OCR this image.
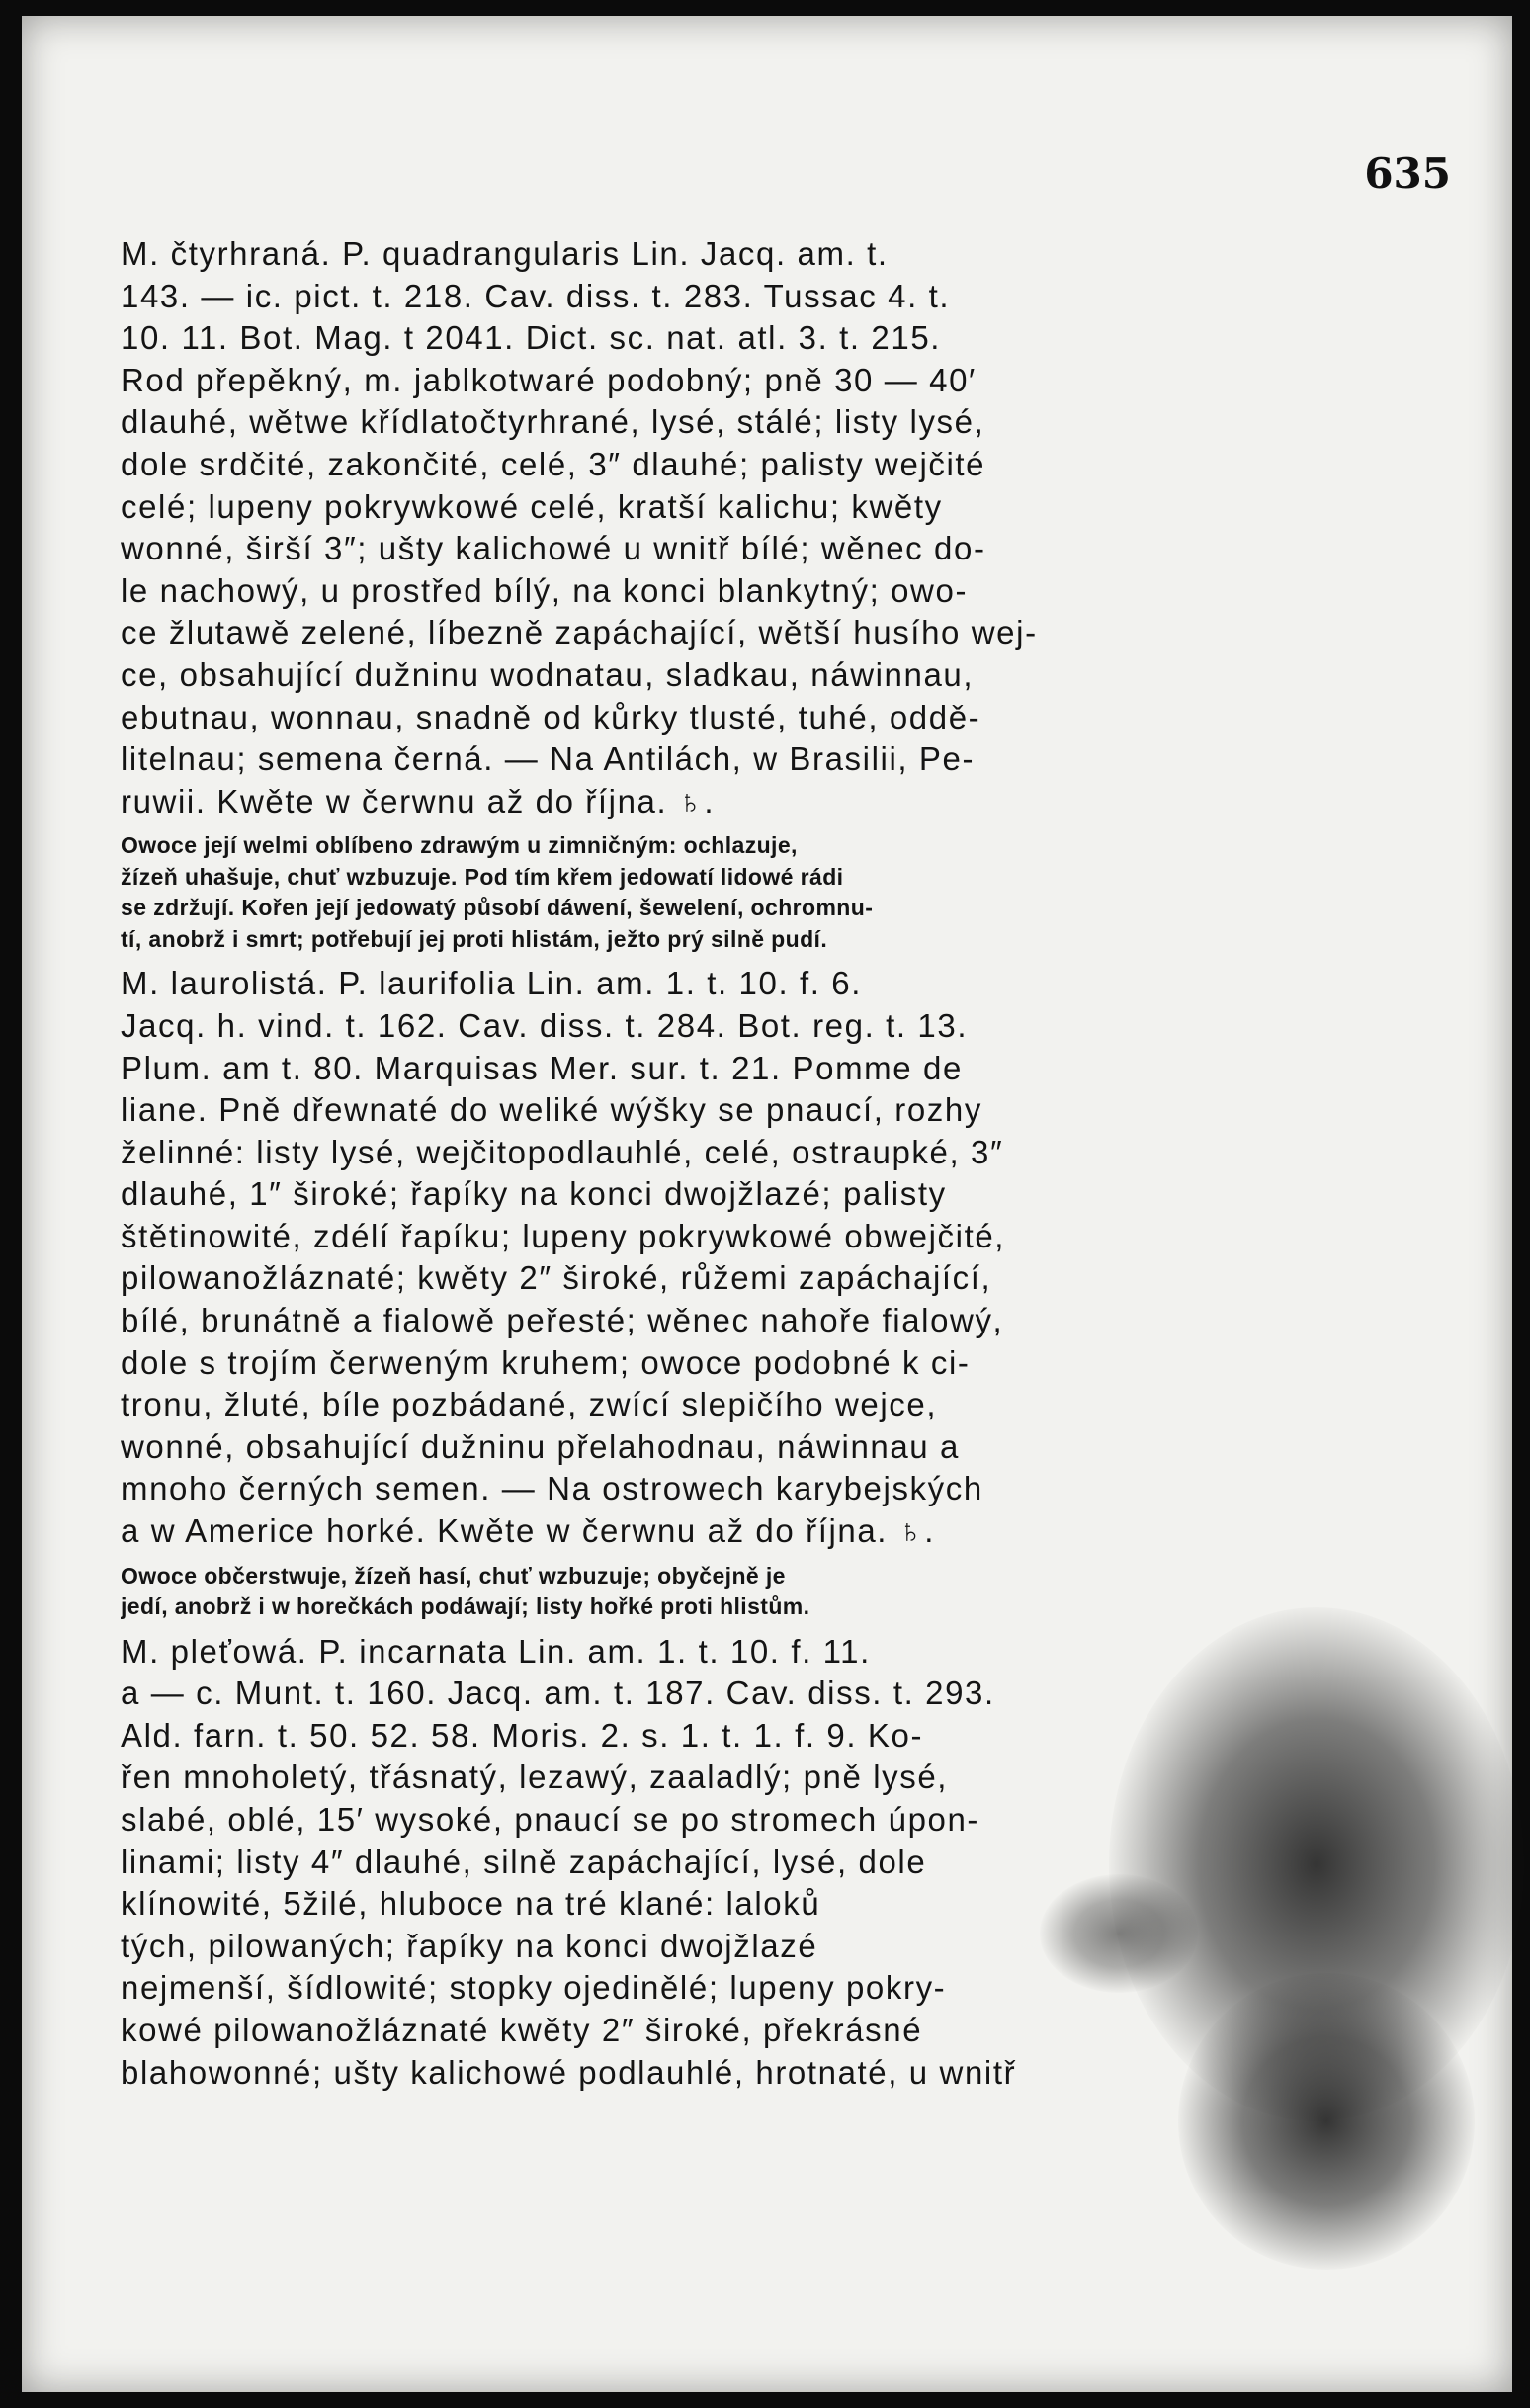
635
M. čtyrhraná. P. quadrangularis Lin. Jacq. am. t.
143. — ic. pict. t. 218. Cav. diss. t. 283. Tussac 4. t.
10. 11. Bot. Mag. t 2041. Dict. sc. nat. atl. 3. t. 215.
Rod přepěkný, m. jablkotwaré podobný; pně 30 — 40′
dlauhé, wětwe křídlatočtyrhrané, lysé, stálé; listy lysé,
dole srdčité, zakončité, celé, 3″ dlauhé; palisty wejčité
celé; lupeny pokrywkowé celé, kratší kalichu; kwěty
wonné, širší 3″; ušty kalichowé u wnitř bílé; wěnec do-
le nachowý, u prostřed bílý, na konci blankytný; owo-
ce žlutawě zelené, líbezně zapáchající, wětší husího wej-
ce, obsahující dužninu wodnatau, sladkau, náwinnau,
ebutnau, wonnau, snadně od kůrky tlusté, tuhé, oddě-
litelnau; semena černá. — Na Antilách, w Brasilii, Pe-
ruwii. Kwěte w čerwnu až do října. ♄.
Owoce její welmi oblíbeno zdrawým u zimničným: ochlazuje,
žízeň uhašuje, chuť wzbuzuje. Pod tím křem jedowatí lidowé rádi
se zdržují. Kořen její jedowatý působí dáwení, šewelení, ochromnu-
tí, anobrž i smrt; potřebují jej proti hlistám, ježto prý silně pudí.
M. laurolistá. P. laurifolia Lin. am. 1. t. 10. f. 6.
Jacq. h. vind. t. 162. Cav. diss. t. 284. Bot. reg. t. 13.
Plum. am t. 80. Marquisas Mer. sur. t. 21. Pomme de
liane. Pně dřewnaté do weliké wýšky se pnaucí, rozhy
želinné: listy lysé, wejčitopodlauhlé, celé, ostraupké, 3″
dlauhé, 1″ široké; řapíky na konci dwojžlazé; palisty
štětinowité, zdélí řapíku; lupeny pokrywkowé obwejčité,
pilowanožláznaté; kwěty 2″ široké, růžemi zapáchající,
bílé, brunátně a fialowě peřesté; wěnec nahoře fialowý,
dole s trojím čerweným kruhem; owoce podobné k ci-
tronu, žluté, bíle pozbádané, zwící slepičího wejce,
wonné, obsahující dužninu přelahodnau, náwinnau a
mnoho černých semen. — Na ostrowech karybejských
a w Americe horké. Kwěte w čerwnu až do října. ♄.
Owoce občerstwuje, žízeň hasí, chuť wzbuzuje; obyčejně je
jedí, anobrž i w horečkách podáwají; listy hořké proti hlistům.
M. pleťowá. P. incarnata Lin. am. 1. t. 10. f. 11.
a — c. Munt. t. 160. Jacq. am. t. 187. Cav. diss. t. 293.
Ald. farn. t. 50. 52. 58. Moris. 2. s. 1. t. 1. f. 9. Ko-
řen mnoholetý, třásnatý, lezawý, zaaladlý; pně lysé,
slabé, oblé, 15′ wysoké, pnaucí se po stromech úpon-
linami; listy 4″ dlauhé, silně zapáchající, lysé, dole
klínowité, 5žilé, hluboce na tré klané: laloků
tých, pilowaných; řapíky na konci dwojžlazé
nejmenší, šídlowité; stopky ojedinělé; lupeny pokry-
kowé pilowanožláznaté kwěty 2″ široké, překrásné
blahowonné; ušty kalichowé podlauhlé, hrotnaté, u wnitř
